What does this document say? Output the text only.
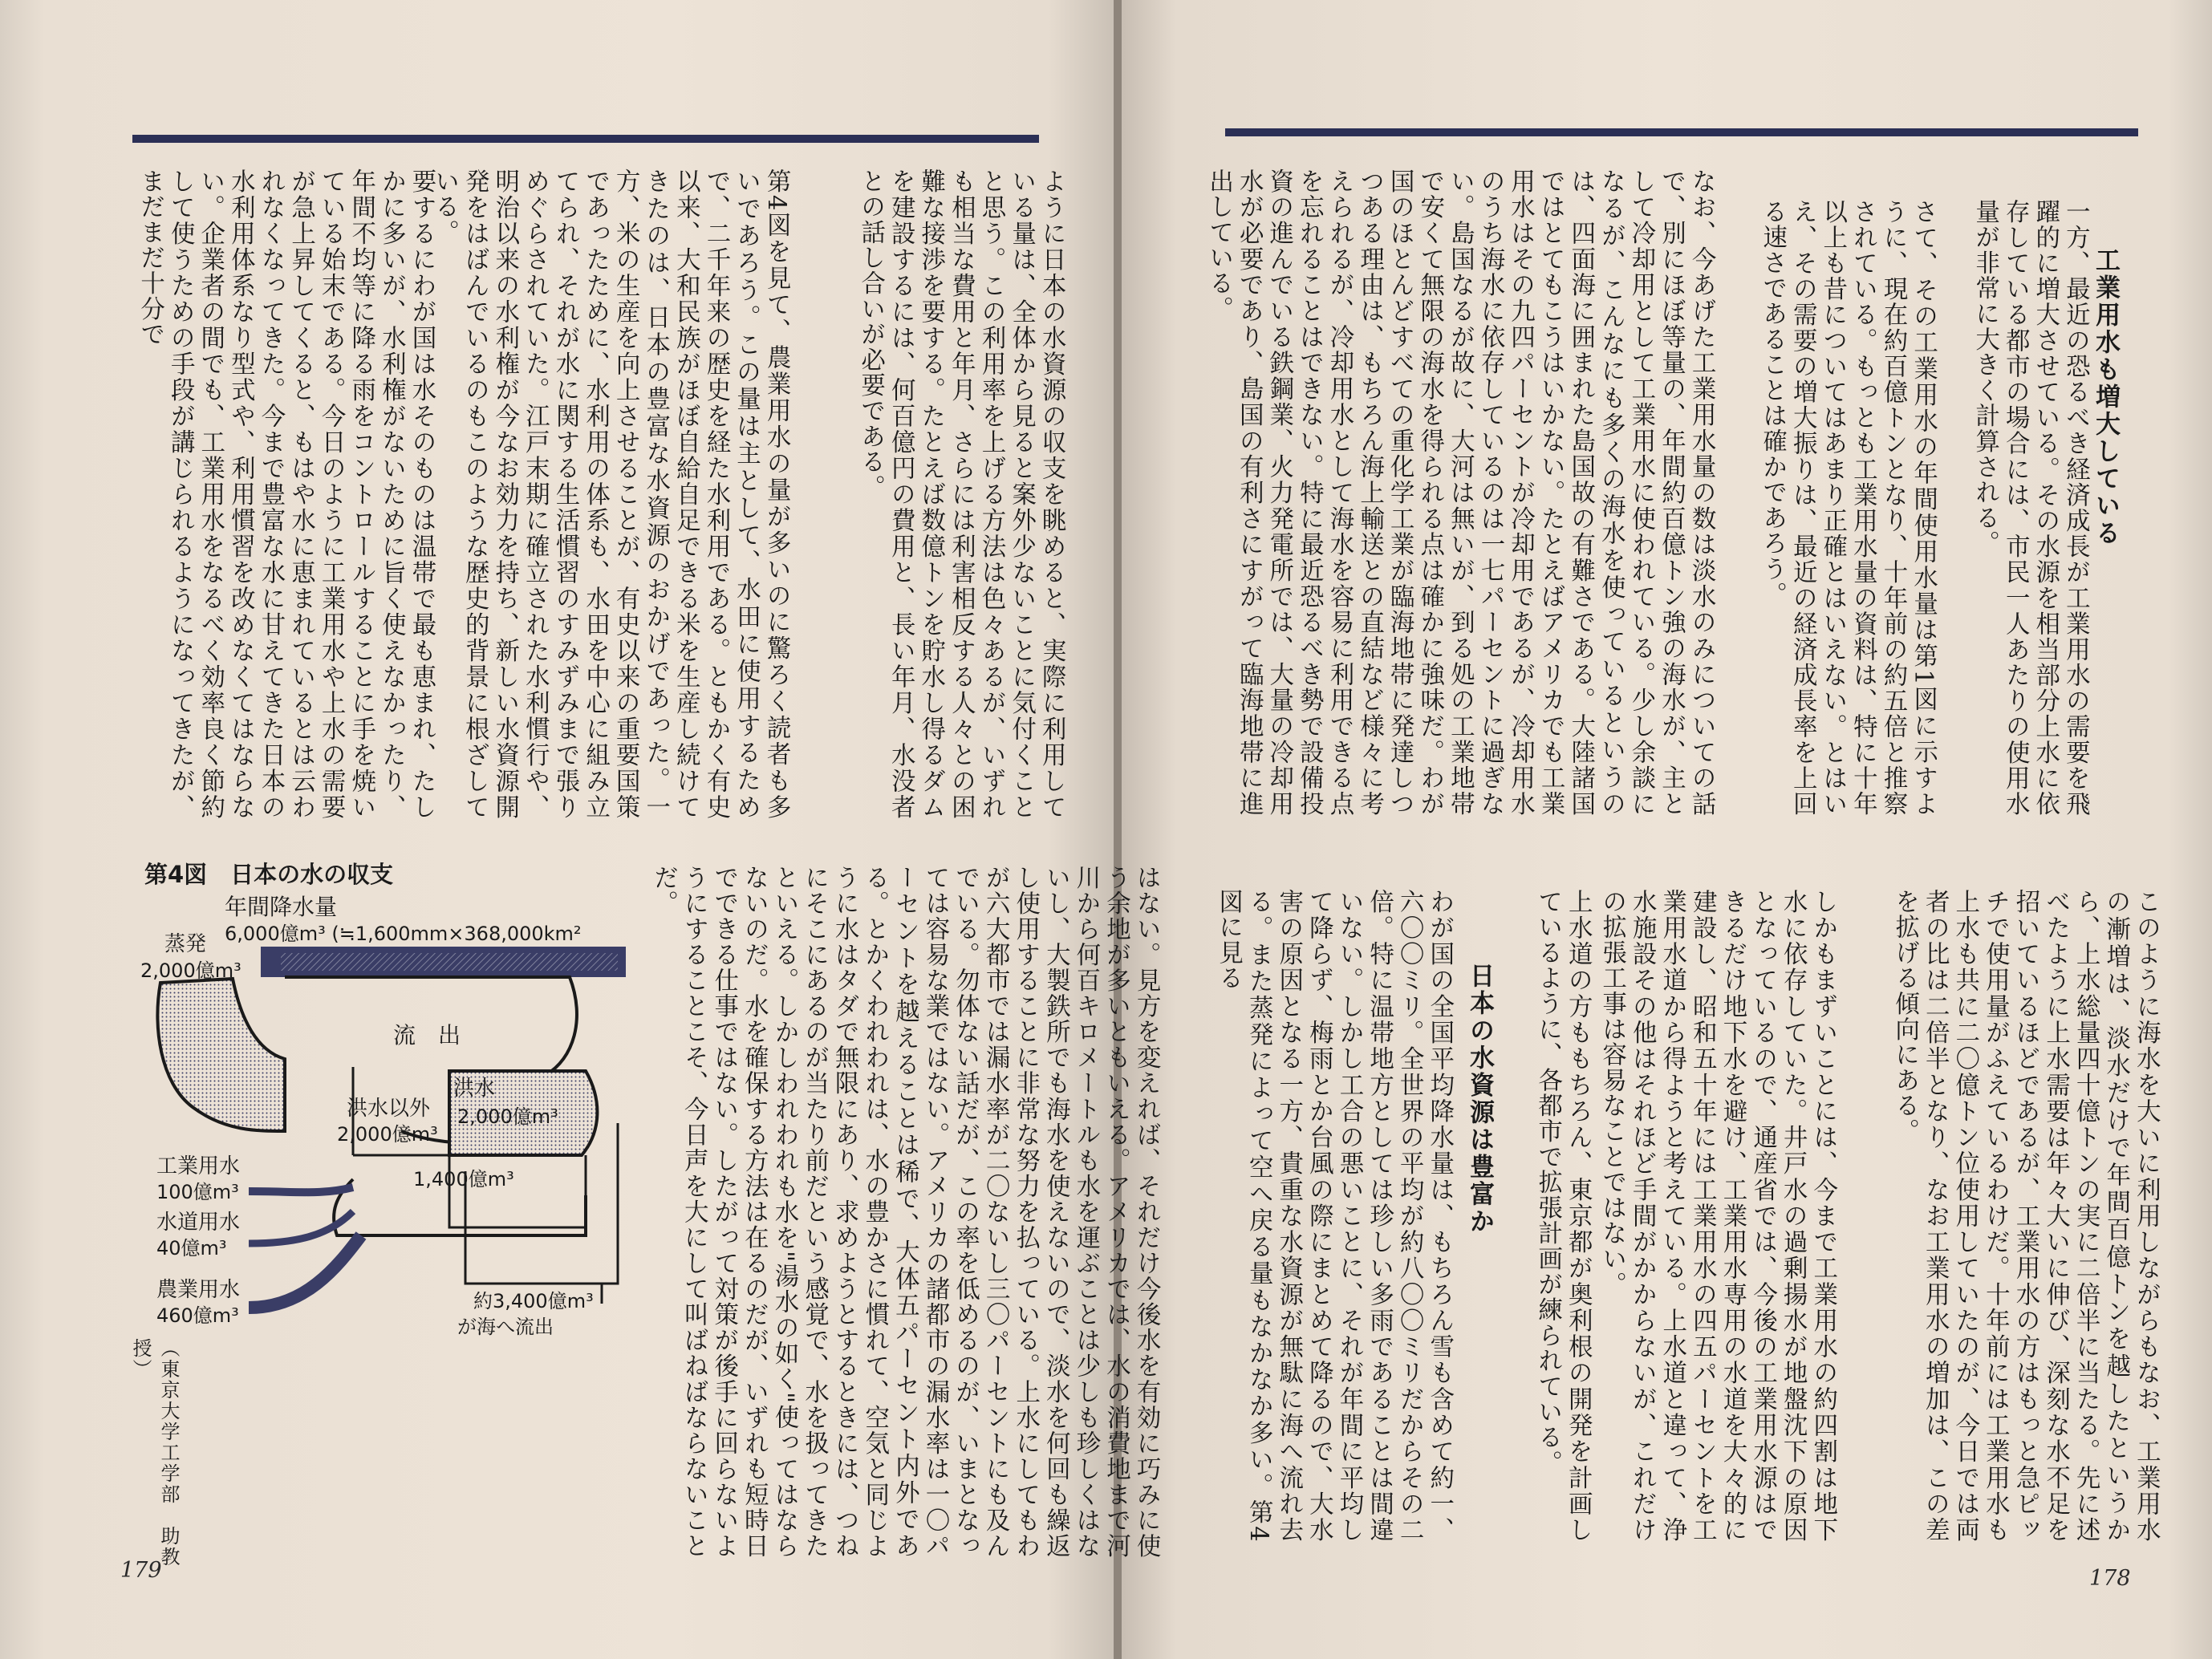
工業用水も増大している
一方、最近の恐るべき経済成長が工業用水の需要を飛躍的に増大させている。その水源を相当部分上水に依存している都市の場合には、市民一人あたりの使用水量が非常に大きく計算される。
さて、その工業用水の年間使用水量は第1図に示すように、現在約百億トンとなり、十年前の約五倍と推察されている。もっとも工業用水量の資料は、特に十年以上も昔についてはあまり正確とはいえない。とはいえ、その需要の増大振りは、最近の経済成長率を上回る速さであることは確かであろう。
なお、今あげた工業用水量の数は淡水のみについての話で、別にほぼ等量の、年間約百億トン強の海水が、主として冷却用として工業用水に使われている。少し余談になるが、こんなにも多くの海水を使っているというのは、四面海に囲まれた島国故の有難さである。大陸諸国ではとてもこうはいかない。たとえばアメリカでも工業用水はその九四パーセントが冷却用であるが、冷却用水のうち海水に依存しているのは一七パーセントに過ぎない。島国なるが故に、大河は無いが、到る処の工業地帯で安くて無限の海水を得られる点は確かに強味だ。わが国のほとんどすべての重化学工業が臨海地帯に発達しつつある理由は、もちろん海上輸送との直結など様々に考えられるが、冷却用水として海水を容易に利用できる点を忘れることはできない。特に最近恐るべき勢で設備投資の進んでいる鉄鋼業、火力発電所では、大量の冷却用水が必要であり、島国の有利さにすがって臨海地帯に進出している。
このように海水を大いに利用しながらもなお、工業用水の漸増は、淡水だけで年間百億トンを越したというから、上水総量四十億トンの実に二倍半に当たる。先に述べたように上水需要は年々大いに伸び、深刻な水不足を招いているほどであるが、工業用水の方はもっと急ピッチで使用量がふえているわけだ。十年前には工業用水も上水も共に二〇億トン位使用していたのが、今日では両者の比は二倍半となり、なお工業用水の増加は、この差を拡げる傾向にある。
しかもまずいことには、今まで工業用水の約四割は地下水に依存していた。井戸水の過剰揚水が地盤沈下の原因となっているので、通産省では、今後の工業用水源はできるだけ地下水を避け、工業用水専用の水道を大々的に建設し、昭和五十年には工業用水の四五パーセントを工業用水道から得ようと考えている。上水道と違って、浄水施設その他はそれほど手間がかからないが、これだけの拡張工事は容易なことではない。
上水道の方ももちろん、東京都が奥利根の開発を計画しているように、各都市で拡張計画が練られている。
日本の水資源は豊富か
わが国の全国平均降水量は、もちろん雪も含めて約一、六〇〇ミリ。全世界の平均が約八〇〇ミリだからその二倍。特に温帯地方としては珍しい多雨であることは間違いない。しかし工合の悪いことに、それが年間に平均して降らず、梅雨とか台風の際にまとめて降るので、大水害の原因となる一方、貴重な水資源が無駄に海へ流れ去る。また蒸発によって空へ戻る量もなかなか多い。第4図に見る
178
ように日本の水資源の収支を眺めると、実際に利用している量は、全体から見ると案外少ないことに気付くことと思う。この利用率を上げる方法は色々あるが、いずれも相当な費用と年月、さらには利害相反する人々との困難な接渉を要する。たとえば数億トンを貯水し得るダムを建設するには、何百億円の費用と、長い年月、水没者との話し合いが必要である。
第4図を見て、農業用水の量が多いのに驚ろく読者も多いであろう。この量は主として、水田に使用するためで、二千年来の歴史を経た水利用である。ともかく有史以来、大和民族がほぼ自給自足できる米を生産し続けてきたのは、日本の豊富な水資源のおかげであった。一方、米の生産を向上させることが、有史以来の重要国策であったために、水利用の体系も、水田を中心に組み立てられ、それが水に関する生活慣習のすみずみまで張りめぐらされていた。江戸末期に確立された水利慣行や、明治以来の水利権が今なお効力を持ち、新しい水資源開発をはばんでいるのもこのような歴史的背景に根ざしている。
要するにわが国は水そのものは温帯で最も恵まれ、たしかに多いが、水利権がないために旨く使えなかったり、年間不均等に降る雨をコントロールすることに手を焼いている始末である。今日のように工業用水や上水の需要が急上昇してくると、もはや水に恵まれているとは云われなくなってきた。今まで豊富な水に甘えてきた日本の水利用体系なり型式や、利用慣習を改めなくてはならない。企業者の間でも、工業用水をなるべく効率良く節約して使うための手段が講じられるようになってきたが、まだまだ十分で
はない。見方を変えれば、それだけ今後水を有効に巧みに使う余地が多いともいえる。アメリカでは、水の消費地まで河川から何百キロメートルも水を運ぶことは少しも珍しくはないし、大製鉄所でも海水を使えないので、淡水を何回も繰返し使用することに非常な努力を払っている。上水にしてもわが六大都市では漏水率が二〇ないし三〇パーセントにも及んでいる。勿体ない話だが、この率を低めるのが、いまとなっては容易な業ではない。アメリカの諸都市の漏水率は一〇パーセントを越えることは稀で、大体五パーセント内外である。とかくわれわれは、水の豊かさに慣れて、空気と同じように水はタダで無限にあり、求めようとするときには、つねにそこにあるのが当たり前だという感覚で、水を扱ってきたといえる。しかしわれわれも水を"湯水の如く"使ってはならないのだ。水を確保する方法は在るのだが、いずれも短時日でできる仕事ではない。したがって対策が後手に回らないようにすることこそ、今日声を大にして叫ばねばならないことだ。
（東京大学工学部　助教授）
179
第4図　日本の水の収支
年間降水量
6,000億m³ (≒1,600mm×368,000km²
蒸発
2,000億m³
流　出
洪水
2,000億m³
洪水以外
2,000億m³
1,400億m³
工業用水
100億m³
水道用水
40億m³
農業用水
460億m³
約3,400億m³
が海へ流出
